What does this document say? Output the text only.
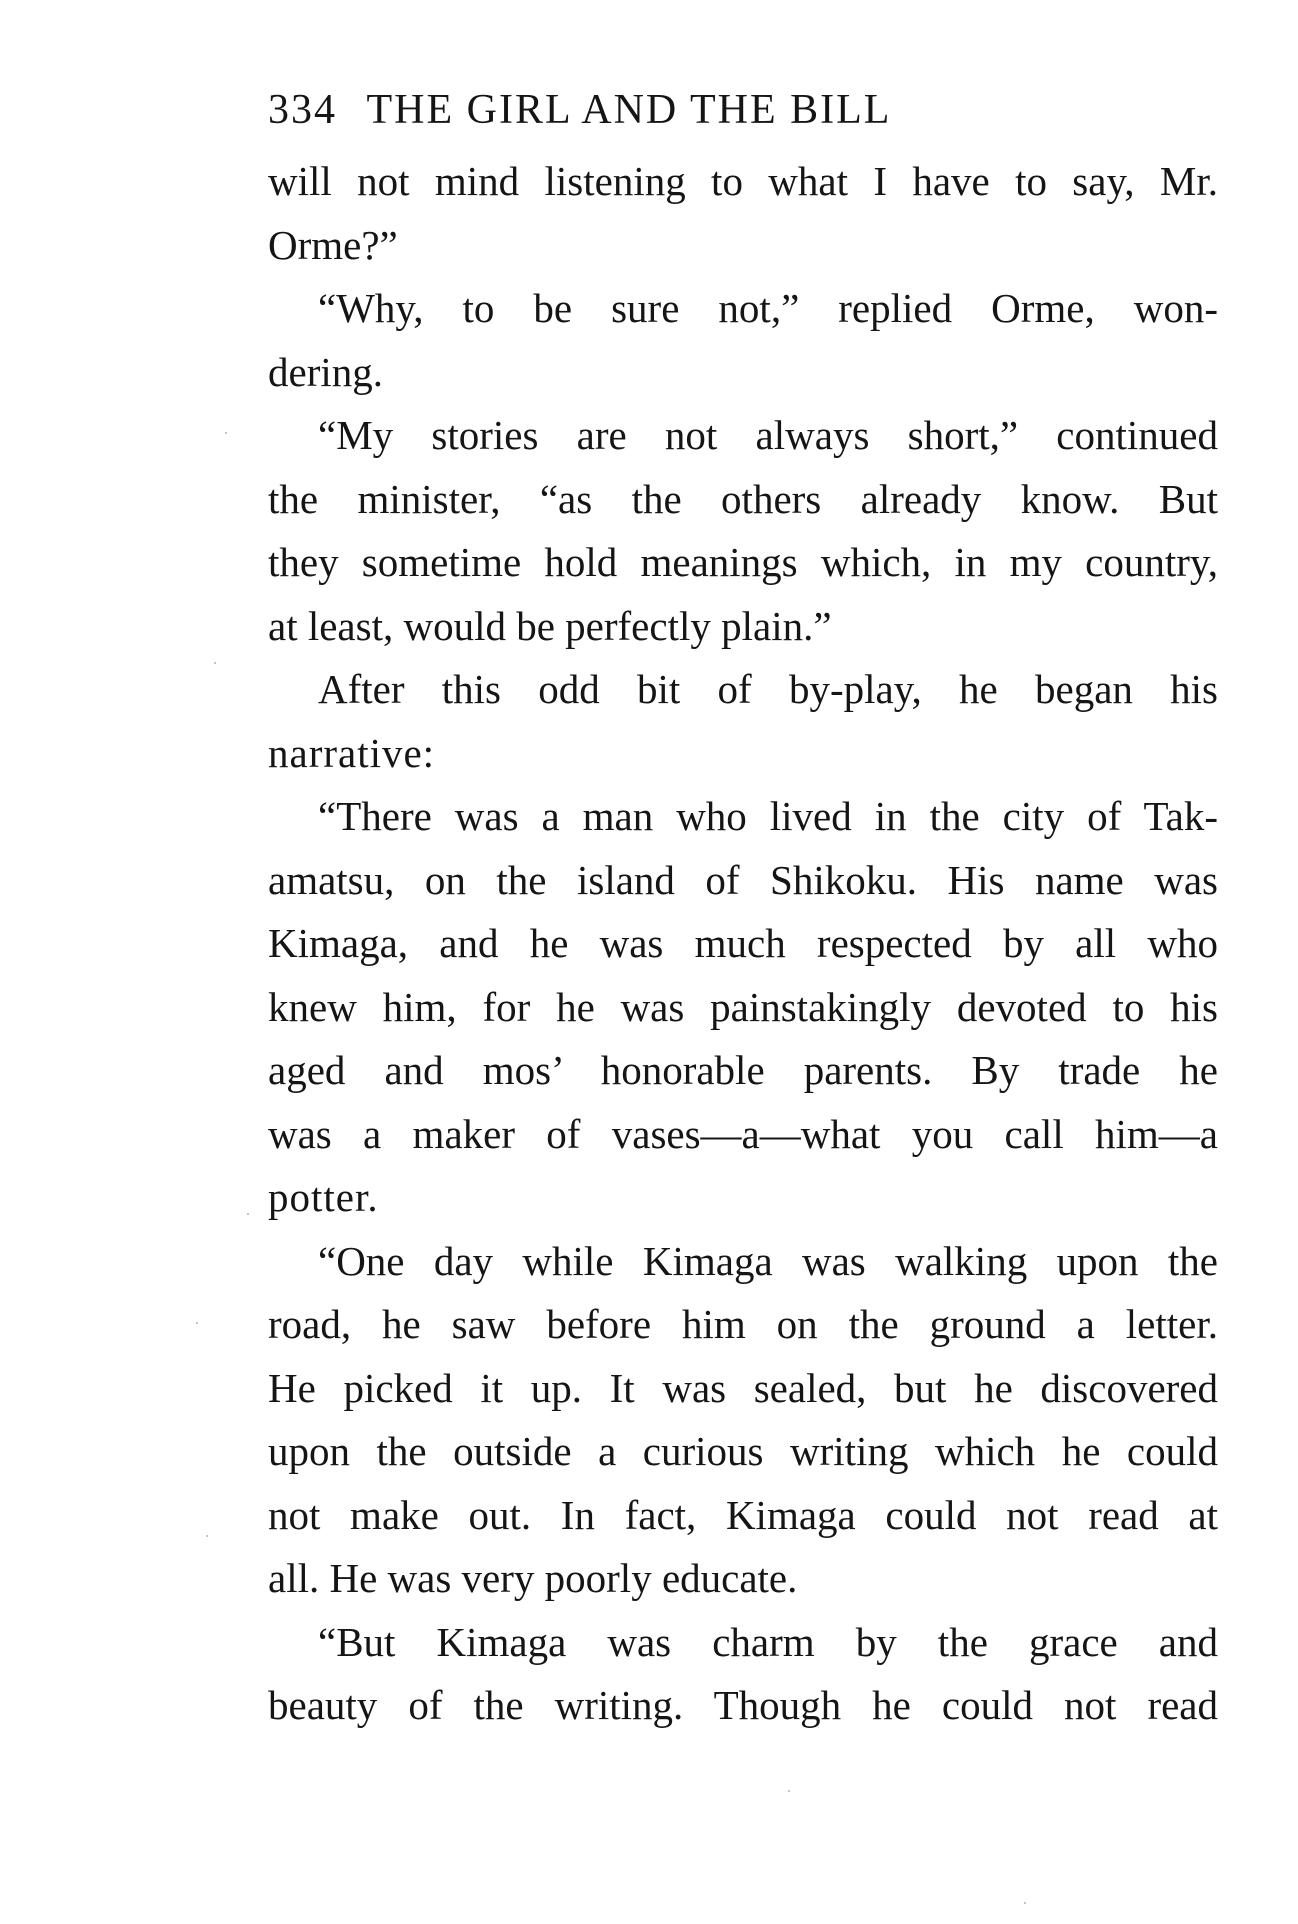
334 THE GIRL AND THE BILL
will not mind listening to what I have to say, Mr.
Orme?”
“Why, to be sure not,” replied Orme, won-
dering.
“My stories are not always short,” continued
the minister, “as the others already know. But
they sometime hold meanings which, in my country,
at least, would be perfectly plain.”
After this odd bit of by-play, he began his
narrative:
“There was a man who lived in the city of Tak-
amatsu, on the island of Shikoku. His name was
Kimaga, and he was much respected by all who
knew him, for he was painstakingly devoted to his
aged and mos’ honorable parents. By trade he
was a maker of vases—a—what you call him—a
potter.
“One day while Kimaga was walking upon the
road, he saw before him on the ground a letter.
He picked it up. It was sealed, but he discovered
upon the outside a curious writing which he could
not make out. In fact, Kimaga could not read at
all. He was very poorly educate.
“But Kimaga was charm by the grace and
beauty of the writing. Though he could not read
